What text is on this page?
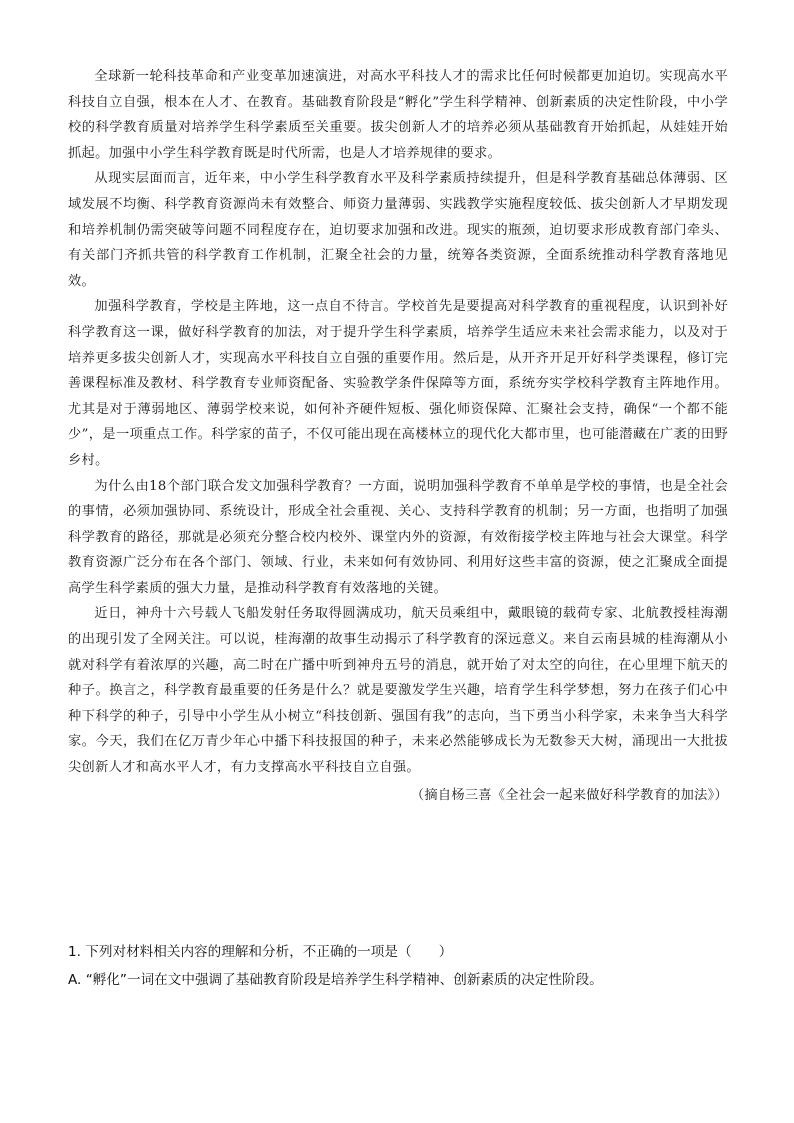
全球新一轮科技革命和产业变革加速演进，对高水平科技人才的需求比任何时候都更加迫切。实现高水平科技自立自强，根本在人才、在教育。基础教育阶段是“孵化”学生科学精神、创新素质的决定性阶段，中小学校的科学教育质量对培养学生科学素质至关重要。拔尖创新人才的培养必须从基础教育开始抓起，从娃娃开始抓起。加强中小学生科学教育既是时代所需，也是人才培养规律的要求。

从现实层面而言，近年来，中小学生科学教育水平及科学素质持续提升，但是科学教育基础总体薄弱、区域发展不均衡、科学教育资源尚未有效整合、师资力量薄弱、实践教学实施程度较低、拔尖创新人才早期发现和培养机制仍需突破等问题不同程度存在，迫切要求加强和改进。现实的瓶颈，迫切要求形成教育部门牵头、有关部门齐抓共管的科学教育工作机制，汇聚全社会的力量，统筹各类资源，全面系统推动科学教育落地见效。

加强科学教育，学校是主阵地，这一点自不待言。学校首先是要提高对科学教育的重视程度，认识到补好科学教育这一课，做好科学教育的加法，对于提升学生科学素质，培养学生适应未来社会需求能力，以及对于培养更多拔尖创新人才，实现高水平科技自立自强的重要作用。然后是，从开齐开足开好科学类课程，修订完善课程标准及教材、科学教育专业师资配备、实验教学条件保障等方面，系统夯实学校科学教育主阵地作用。尤其是对于薄弱地区、薄弱学校来说，如何补齐硬件短板、强化师资保障、汇聚社会支持，确保“一个都不能少”，是一项重点工作。科学家的苗子，不仅可能出现在高楼林立的现代化大都市里，也可能潜藏在广袤的田野乡村。

为什么由18个部门联合发文加强科学教育？一方面，说明加强科学教育不单单是学校的事情，也是全社会的事情，必须加强协同、系统设计，形成全社会重视、关心、支持科学教育的机制；另一方面，也指明了加强科学教育的路径，那就是必须充分整合校内校外、课堂内外的资源，有效衔接学校主阵地与社会大课堂。科学教育资源广泛分布在各个部门、领域、行业，未来如何有效协同、利用好这些丰富的资源，使之汇聚成全面提高学生科学素质的强大力量，是推动科学教育有效落地的关键。

近日，神舟十六号载人飞船发射任务取得圆满成功，航天员乘组中，戴眼镜的载荷专家、北航教授桂海潮的出现引发了全网关注。可以说，桂海潮的故事生动揭示了科学教育的深远意义。来自云南县城的桂海潮从小就对科学有着浓厚的兴趣，高二时在广播中听到神舟五号的消息，就开始了对太空的向往，在心里埋下航天的种子。换言之，科学教育最重要的任务是什么？就是要激发学生兴趣，培育学生科学梦想，努力在孩子们心中种下科学的种子，引导中小学生从小树立“科技创新、强国有我”的志向，当下勇当小科学家，未来争当大科学家。今天，我们在亿万青少年心中播下科技报国的种子，未来必然能够成长为无数参天大树，涌现出一大批拔尖创新人才和高水平人才，有力支撑高水平科技自立自强。

（摘自杨三喜《全社会一起来做好科学教育的加法》）

1. 下列对材料相关内容的理解和分析，不正确的一项是（　　）

A. “孵化”一词在文中强调了基础教育阶段是培养学生科学精神、创新素质的决定性阶段。
